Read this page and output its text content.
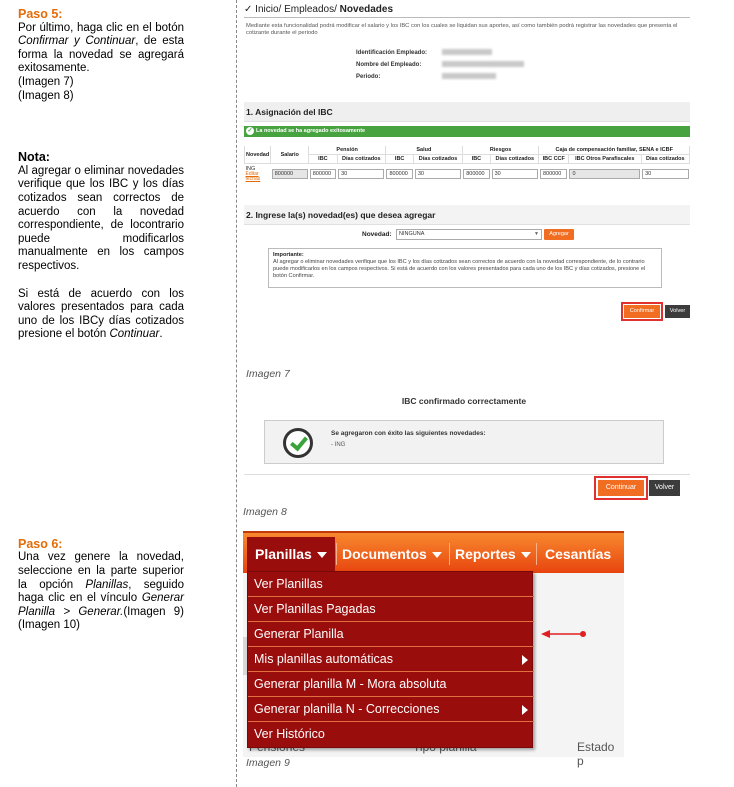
Paso 5:

Por último, haga clic en el botón Confirmar y Continuar, de esta forma la novedad se agregará exitosamente.
(Imagen 7)
(Imagen 8)

Nota:

Al agregar o eliminar novedades verifique que los IBC y los días cotizados sean correctos de acuerdo con la novedad correspondiente, de locontrario puede modificarlos manualmente en los campos respectivos.

Si está de acuerdo con los valores presentados para cada uno de los IBCy días cotizados presione el botón Continuar.

Paso 6:

Una vez genere la novedad, seleccione en la parte superior la opción Planillas, seguido haga clic en el vínculo Generar Planilla > Generar.(Imagen 9) (Imagen 10)

✓ Inicio/ Empleados/ Novedades
Mediante esta funcionalidad podrá modificar el salario y los IBC con los cuales se liquidan sus aportes, así como también podrá registrar las novedades que presenta el cotizante durante el periodo
Identificación Empleado:
Nombre del Empleado:
Periodo:
1. Asignación del IBC
✓ La novedad se ha agregado exitosamente
Novedad	Salario	Pensión		Salud		Riesgos		Caja de compensación familiar, SENA e ICBF		
		IBC	Días cotizados	IBC	Días cotizados	IBC	Días cotizados	IBC CCF	IBC Otros Parafiscales	Días cotizados
ING Editar fechas	800000	800000	30	800000	30	800000	30	800000	0	30
2. Ingrese la(s) novedad(es) que desea agregar
Novedad:	NINGUNA	▼	Agregar
Importante:
Al agregar o eliminar novedades verifique que los IBC y los días cotizados sean correctos de acuerdo con la novedad correspondiente, de lo contrario puede modificarlos en los campos respectivos. Si está de acuerdo con los valores presentados para cada uno de los IBC y días cotizados, presione el botón Confirmar.
Confirmar	Volver
Imagen 7
IBC confirmado correctamente
Se agregaron con éxito las siguientes novedades:
- ING
Continuar	Volver
Imagen 8
Planillas	Documentos	Reportes	Cesantías
Estado p
Ver Planillas
Ver Planillas Pagadas
Generar Planilla
Mis planillas automáticas
Generar planilla M - Mora absoluta
Generar planilla N - Correcciones
Ver Histórico
Imagen 9
